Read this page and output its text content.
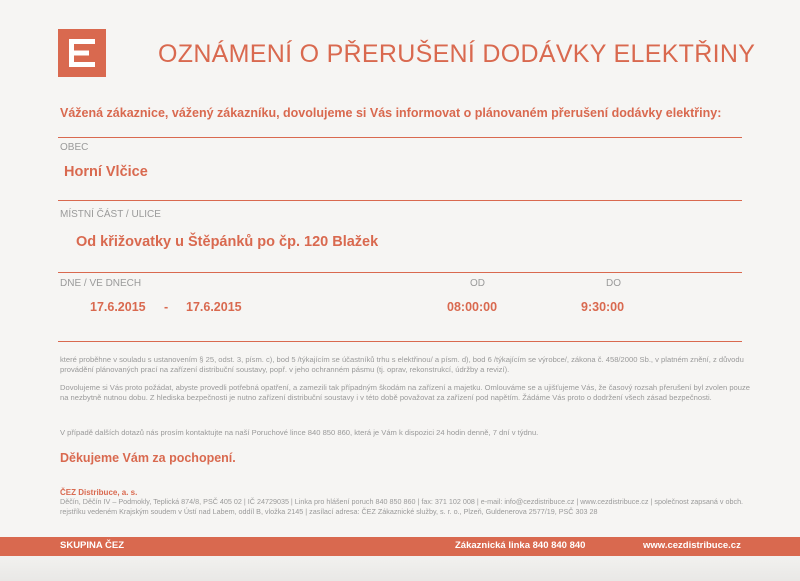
OZNÁMENÍ O PŘERUŠENÍ DODÁVKY ELEKTŘINY

Vážená zákaznice, vážený zákazníku, dovolujeme si Vás informovat o plánovaném přerušení dodávky elektřiny:

OBEC
Horní Vlčice
MÍSTNÍ ČÁST / ULICE
Od křižovatky u Štěpánků po čp. 120 Blažek
DNE / VE DNECH	OD	DO
17.6.2015 - 17.6.2015	08:00:00	9:30:00

které proběhne v souladu s ustanovením § 25, odst. 3, písm. c), bod 5 /týkajícím se účastníků trhu s elektřinou/ a písm. d), bod 6 /týkajícím se výrobce/, zákona č. 458/2000 Sb., v platném znění, z důvodu provádění plánovaných prací na zařízení distribuční soustavy, popř. v jeho ochranném pásmu (tj. oprav, rekonstrukcí, údržby a revizí).

Dovolujeme si Vás proto požádat, abyste provedli potřebná opatření, a zamezili tak případným škodám na zařízení a majetku. Omlouváme se a ujišťujeme Vás, že časový rozsah přerušení byl zvolen pouze na nezbytně nutnou dobu. Z hlediska bezpečnosti je nutno zařízení distribuční soustavy i v této době považovat za zařízení pod napětím. Žádáme Vás proto o dodržení všech zásad bezpečnosti.

V případě dalších dotazů nás prosím kontaktujte na naší Poruchové lince 840 850 860, která je Vám k dispozici 24 hodin denně, 7 dní v týdnu.

Děkujeme Vám za pochopení.
ČEZ Distribuce, a. s.

Děčín, Děčín IV – Podmokly, Teplická 874/8, PSČ 405 02 | IČ 24729035 | Linka pro hlášení poruch 840 850 860 | fax: 371 102 008 | e-mail: info@cezdistribuce.cz | www.cezdistribuce.cz | společnost zapsaná v obch. rejstříku vedeném Krajským soudem v Ústí nad Labem, oddíl B, vložka 2145 | zasílací adresa: ČEZ Zákaznické služby, s. r. o., Plzeň, Guldenerova 2577/19, PSČ 303 28

SKUPINA ČEZ	Zákaznická linka 840 840 840	www.cezdistribuce.cz
